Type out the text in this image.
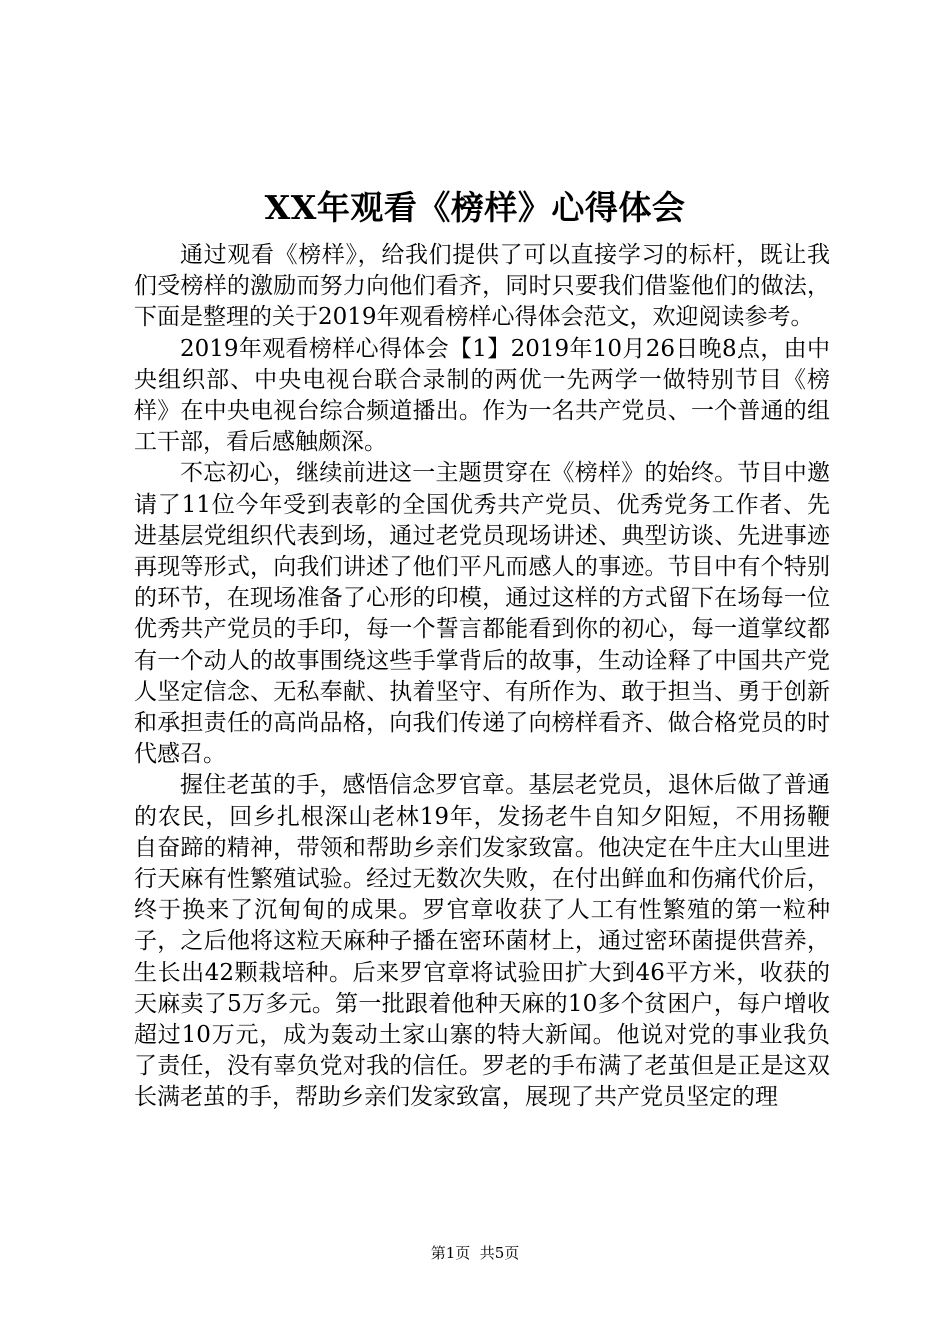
XX年观看《榜样》心得体会

通过观看《榜样》，给我们提供了可以直接学习的标杆，既让我们受榜样的激励而努力向他们看齐，同时只要我们借鉴他们的做法，下面是整理的关于2019年观看榜样心得体会范文，欢迎阅读参考。

2019年观看榜样心得体会【1】2019年10月26日晚8点，由中央组织部、中央电视台联合录制的两优一先两学一做特别节目《榜样》在中央电视台综合频道播出。作为一名共产党员、一个普通的组工干部，看后感触颇深。

不忘初心，继续前进这一主题贯穿在《榜样》的始终。节目中邀请了11位今年受到表彰的全国优秀共产党员、优秀党务工作者、先进基层党组织代表到场，通过老党员现场讲述、典型访谈、先进事迹再现等形式，向我们讲述了他们平凡而感人的事迹。节目中有个特别的环节，在现场准备了心形的印模，通过这样的方式留下在场每一位优秀共产党员的手印，每一个誓言都能看到你的初心，每一道掌纹都有一个动人的故事围绕这些手掌背后的故事，生动诠释了中国共产党人坚定信念、无私奉献、执着坚守、有所作为、敢于担当、勇于创新和承担责任的高尚品格，向我们传递了向榜样看齐、做合格党员的时代感召。

握住老茧的手，感悟信念罗官章。基层老党员，退休后做了普通的农民，回乡扎根深山老林19年，发扬老牛自知夕阳短，不用扬鞭自奋蹄的精神，带领和帮助乡亲们发家致富。他决定在牛庄大山里进行天麻有性繁殖试验。经过无数次失败，在付出鲜血和伤痛代价后，终于换来了沉甸甸的成果。罗官章收获了人工有性繁殖的第一粒种子，之后他将这粒天麻种子播在密环菌材上，通过密环菌提供营养，生长出42颗栽培种。后来罗官章将试验田扩大到46平方米，收获的天麻卖了5万多元。第一批跟着他种天麻的10多个贫困户，每户增收超过10万元，成为轰动土家山寨的特大新闻。他说对党的事业我负了责任，没有辜负党对我的信任。罗老的手布满了老茧但是正是这双长满老茧的手，帮助乡亲们发家致富，展现了共产党员坚定的理

第1页  共5页
